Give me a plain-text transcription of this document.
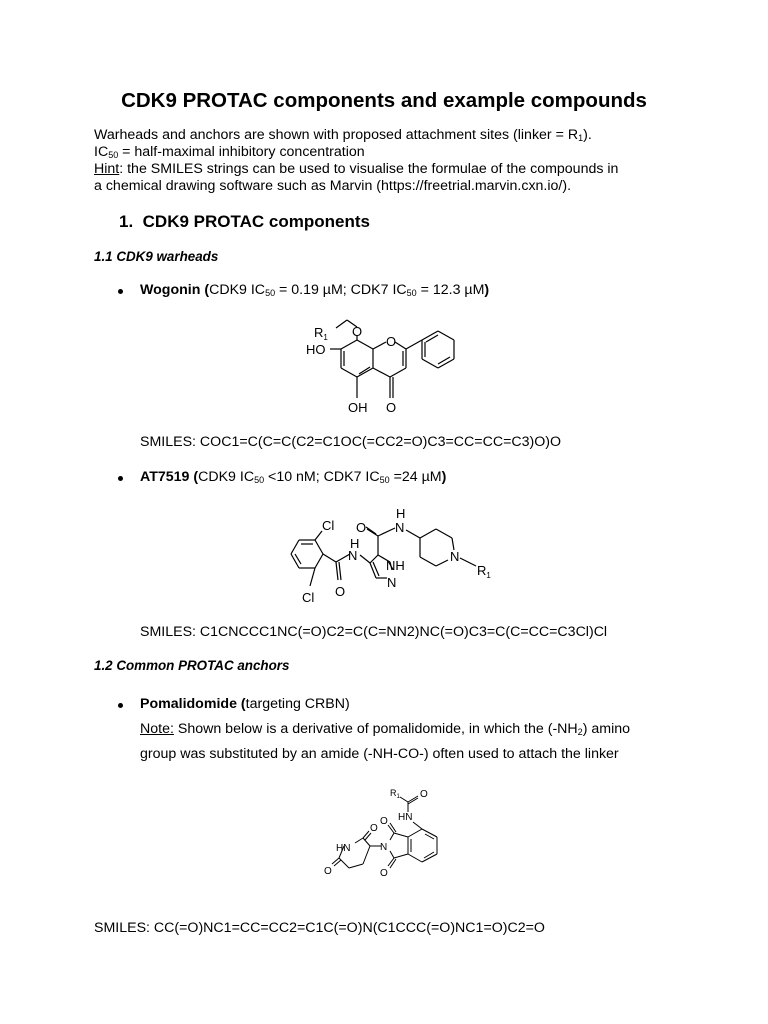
CDK9 PROTAC components and example compounds
Warheads and anchors are shown with proposed attachment sites (linker = $R_1$).
$IC_{50}$ = half-maximal inhibitory concentration
Hint: the SMILES strings can be used to visualise the formulae of the compounds in
a chemical drawing software such as Marvin (https://freetrial.marvin.cxn.io/).
1. CDK9 PROTAC components
1.1 CDK9 warheads
Wogonin (CDK9 $IC_{50} = 0.19$ µM; CDK7 $IC_{50} = 12.3$ µM)
$R_1$ O
O
HO
OH O
SMILES: COC1=C(C=C(C2=C1OC(=CC2=O)C3=CC=CC=C3)O)O
AT7519 (CDK9 $IC_{50} <10$ nM; CDK7 $IC_{50} =24$ µM)
Cl
Cl O
H
N
NH
N
O
H
N
N
$R_1$
SMILES: C1CNCCC1NC(=O)C2=C(C=NN2)NC(=O)C3=C(C=CC=C3Cl)Cl
1.2 Common PROTAC anchors
Pomalidomide (targeting CRBN)
Note: Shown below is a derivative of pomalidomide, in which the $(-NH_2)$ amino
group was substituted by an amide (-NH-CO-) often used to attach the linker
$R_1$ O
HN
O
N
O
O
HN
O
SMILES: CC(=O)NC1=CC=CC2=C1C(=O)N(C1CCC(=O)NC1=O)C2=O
